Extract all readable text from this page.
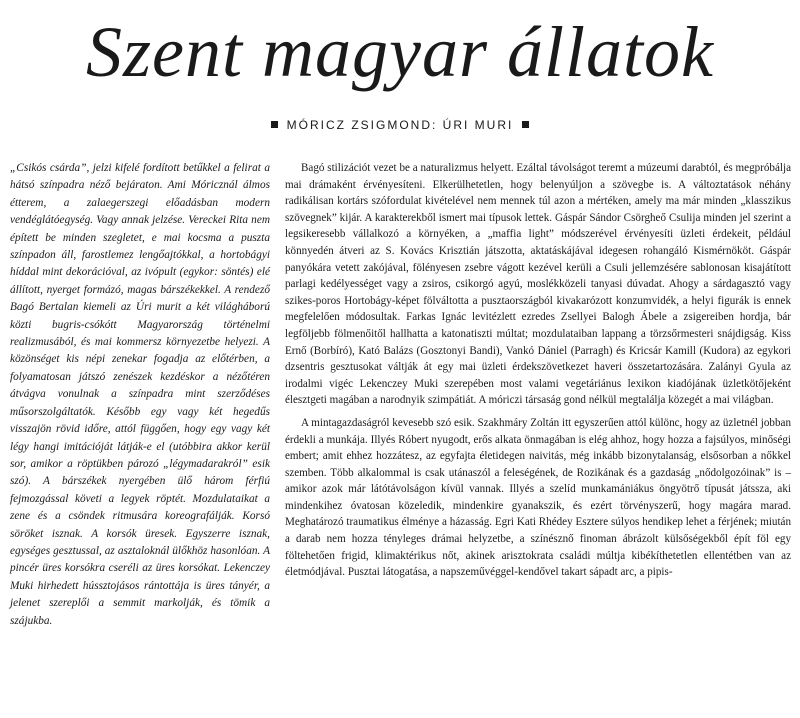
Szent magyar állatok
MÓRICZ ZSIGMOND: ÚRI MURI

„Csikós csárda”, jelzi kifelé fordított betűkkel a felirat a hátsó színpadra néző bejáraton. Ami Móricznál álmos étterem, a zalaegerszegi előadásban modern vendéglátóegység. Vagy annak jelzése. Vereckei Rita nem épített be minden szegletet, e mai kocsma a puszta színpadon áll, farostlemez lengőajtókkal, a hortobágyi híddal mint dekorációval, az ivópult (egykor: söntés) elé állított, nyerget formázó, magas bárszékekkel. A rendező Bagó Bertalan kiemeli az Úri murit a két világháború közti bugris-csókótt Magyarország történelmi realizmusából, és mai kommersz környezetbe helyezi. A közönséget kis népi zenekar fogadja az előtérben, a folyamatosan játszó zenészek kezdéskor a nézőtéren átvágva vonulnak a színpadra mint szerződéses műsorszolgáltatók. Később egy vagy két hegedűs visszajön rövid időre, attól függően, hogy egy vagy két légy hangi imitációját látják-e el (utóbbira akkor kerül sor, amikor a röptükben pározó „légymadarakról” esik szó). A bárszékek nyergében ülő három férfiú fejmozgással követi a legyek röptét. Mozdulataikat a zene és a csöndek ritmusára koreografálják. Korsó söröket isznak. A korsók üresek. Egyszerre isznak, egységes gesztussal, az asztaloknál ülőkhöz hasonlóan. A pincér üres korsókra cseréli az üres korsókat. Lekenczey Muki hirhedett hússztojásos rántottája is üres tányér, a jelenet szereplői a semmit markolják, és tömik a szájukba.

Bagó stilizációt vezet be a naturalizmus helyett. Ezáltal távolságot teremt a múzeumi darabtól, és megpróbálja mai drámaként érvényesíteni. Elkerülhetetlen, hogy belenyúljon a szövegbe is. A változtatások néhány radikálisan kortárs szófordulat kivételével nem mennek túl azon a mértéken, amely ma már minden „klasszikus szövegnek” kijár. A karakterekből ismert mai típusok lettek. Gáspár Sándor Csörgheő Csulija minden jel szerint a legsikeresebb vállalkozó a környéken, a „maffia light” módszerével érvényesíti üzleti érdekeit, például könnyedén átveri az S. Kovács Krisztián játszotta, aktatáskájával idegesen rohangáló Kismérnököt. Gáspár panyókára vetett zakójával, fölényesen zsebre vágott kezével kerüli a Csuli jellemzésére sablonosan kisajátított parlagi kedélyességet vagy a zsiros, csikorgó agyú, moslékközeli tanyasi dúvadat. Ahogy a sárdagasztó vagy szikes-poros Hortobágy-képet fölváltotta a pusztaországból kivakarózott konzumvidék, a helyi figurák is ennek megfelelően módosultak. Farkas Ignác levitézlett ezredes Zsellyei Balogh Ábele a zsigereiben hordja, bár legföljebb fölmenőitől hallhatta a katonatiszti múltat; mozdulataiban lappang a törzsőrmesteri snájdigság. Kiss Ernő (Borbíró), Kató Balázs (Gosztonyi Bandi), Vankó Dániel (Parragh) és Kricsár Kamill (Kudora) az egykori dzsentris gesztusokat váltják át egy mai üzleti érdekszövetkezet haveri összetartozására. Zalányi Gyula az irodalmi vigéc Lekenczey Muki szerepében most valami vegetáriánus lexikon kiadójának üzletkötőjeként élesztgeti magában a narodnyik szimpátiát. A móriczi társaság gond nélkül megtalálja közegét a mai világban.

A mintagazdaságról kevesebb szó esik. Szakhmáry Zoltán itt egyszerűen attól különc, hogy az üzletnél jobban érdekli a munkája. Illyés Róbert nyugodt, erős alkata önmagában is elég ahhoz, hogy hozza a fajsúlyos, minőségi embert; amit ehhez hozzátesz, az egyfajta életidegen naivitás, még inkább bizonytalanság, elsősorban a nőkkel szemben. Több alkalommal is csak utánaszól a feleségének, de Rozikának és a gazdaság „nődolgozóinak” is – amikor azok már látótávolságon kívül vannak. Illyés a szelíd munkamániákus öngyötrő típusát játssza, aki mindenkihez óvatosan közeledik, mindenkire gyanakszik, és ezért törvényszerű, hogy magára marad. Meghatározó traumatikus élménye a házasság. Egri Kati Rhédey Esztere súlyos hendikep lehet a férjének; miután a darab nem hozza tényleges drámai helyzetbe, a színésznő finoman ábrázolt külsőségekből épít föl egy föltehetően frigid, klimaktérikus nőt, akinek arisztokrata családi múltja kibékíthetetlen ellentétben van az életmódjával. Pusztai látogatása, a napszeművéggel-kendővel takart sápadt arc, a pipis-
